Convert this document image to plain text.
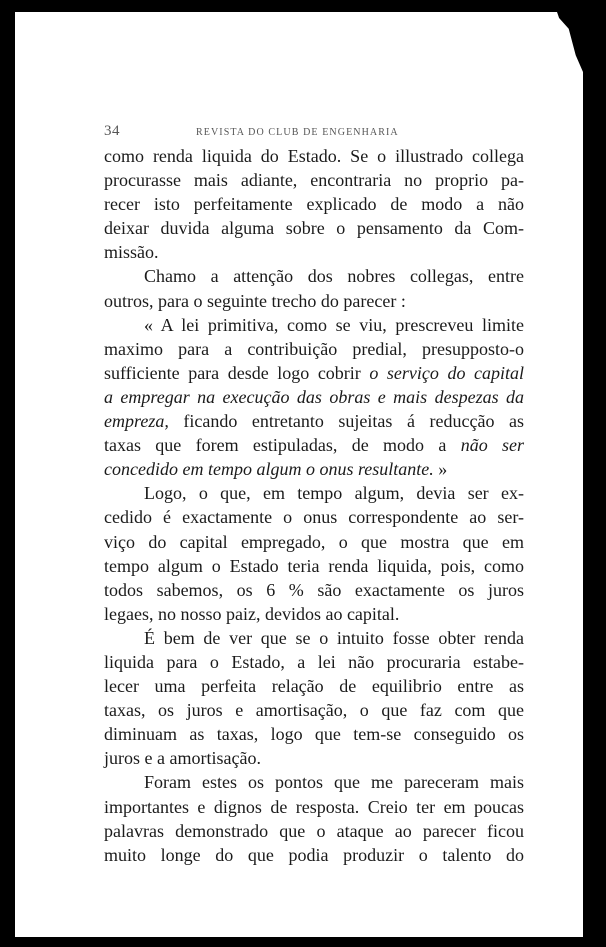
34	REVISTA DO CLUB DE ENGENHARIA
como renda liquida do Estado. Se o illustrado collega
procurasse mais adiante, encontraria no proprio pa-
recer isto perfeitamente explicado de modo a não
deixar duvida alguma sobre o pensamento da Com-
missão.
Chamo a attenção dos nobres collegas, entre
outros, para o seguinte trecho do parecer :
« A lei primitiva, como se viu, prescreveu limite
maximo para a contribuição predial, presupposto-o
sufficiente para desde logo cobrir o serviço do capital
a empregar na execução das obras e mais despezas da
empreza, ficando entretanto sujeitas á reducção as
taxas que forem estipuladas, de modo a não ser
concedido em tempo algum o onus resultante. »
Logo, o que, em tempo algum, devia ser ex-
cedido é exactamente o onus correspondente ao ser-
viço do capital empregado, o que mostra que em
tempo algum o Estado teria renda liquida, pois, como
todos sabemos, os 6 % são exactamente os juros
legaes, no nosso paiz, devidos ao capital.
É bem de ver que se o intuito fosse obter renda
liquida para o Estado, a lei não procuraria estabe-
lecer uma perfeita relação de equilibrio entre as
taxas, os juros e amortisação, o que faz com que
diminuam as taxas, logo que tem-se conseguido os
juros e a amortisação.
Foram estes os pontos que me pareceram mais
importantes e dignos de resposta. Creio ter em poucas
palavras demonstrado que o ataque ao parecer ficou
muito longe do que podia produzir o talento do
